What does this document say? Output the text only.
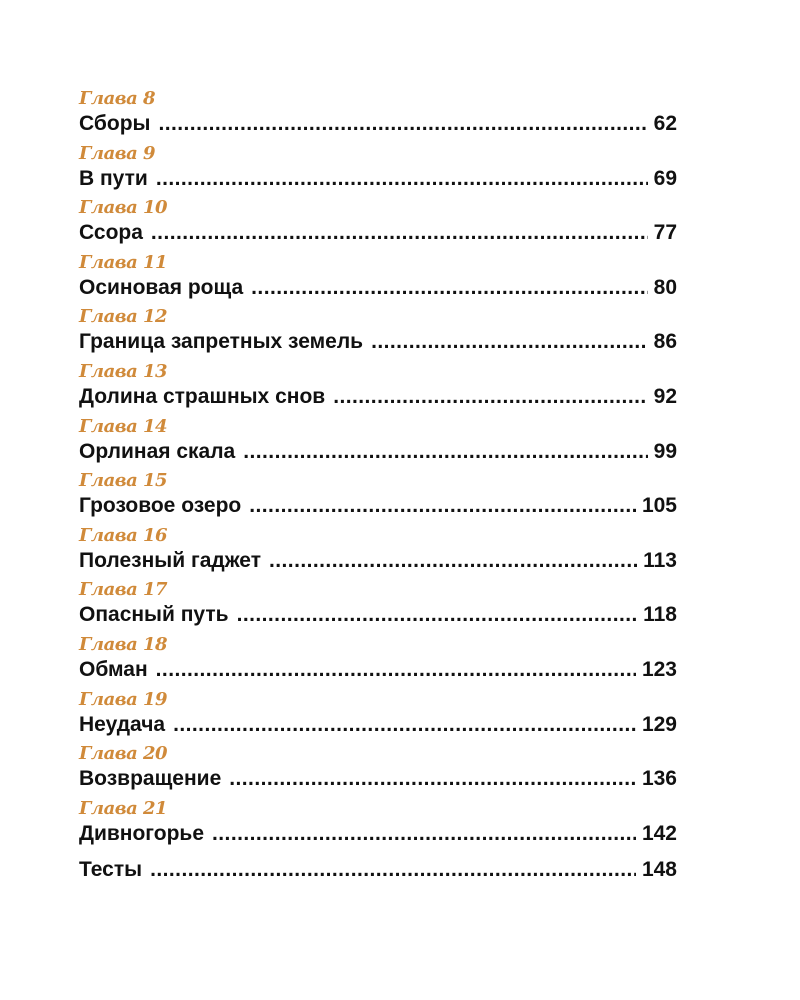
Глава 8
Сборы . . .	62
Глава 9
В пути . . .	69
Глава 10
Ссора . . .	77
Глава 11
Осиновая роща . . .	80
Глава 12
Граница запретных земель . . .	86
Глава 13
Долина страшных снов . . .	92
Глава 14
Орлиная скала . . .	99
Глава 15
Грозовое озеро . . .	105
Глава 16
Полезный гаджет . . .	113
Глава 17
Опасный путь . . .	118
Глава 18
Обман . . .	123
Глава 19
Неудача . . .	129
Глава 20
Возвращение . . .	136
Глава 21
Дивногорье . . .	142
Тесты . . .	148
